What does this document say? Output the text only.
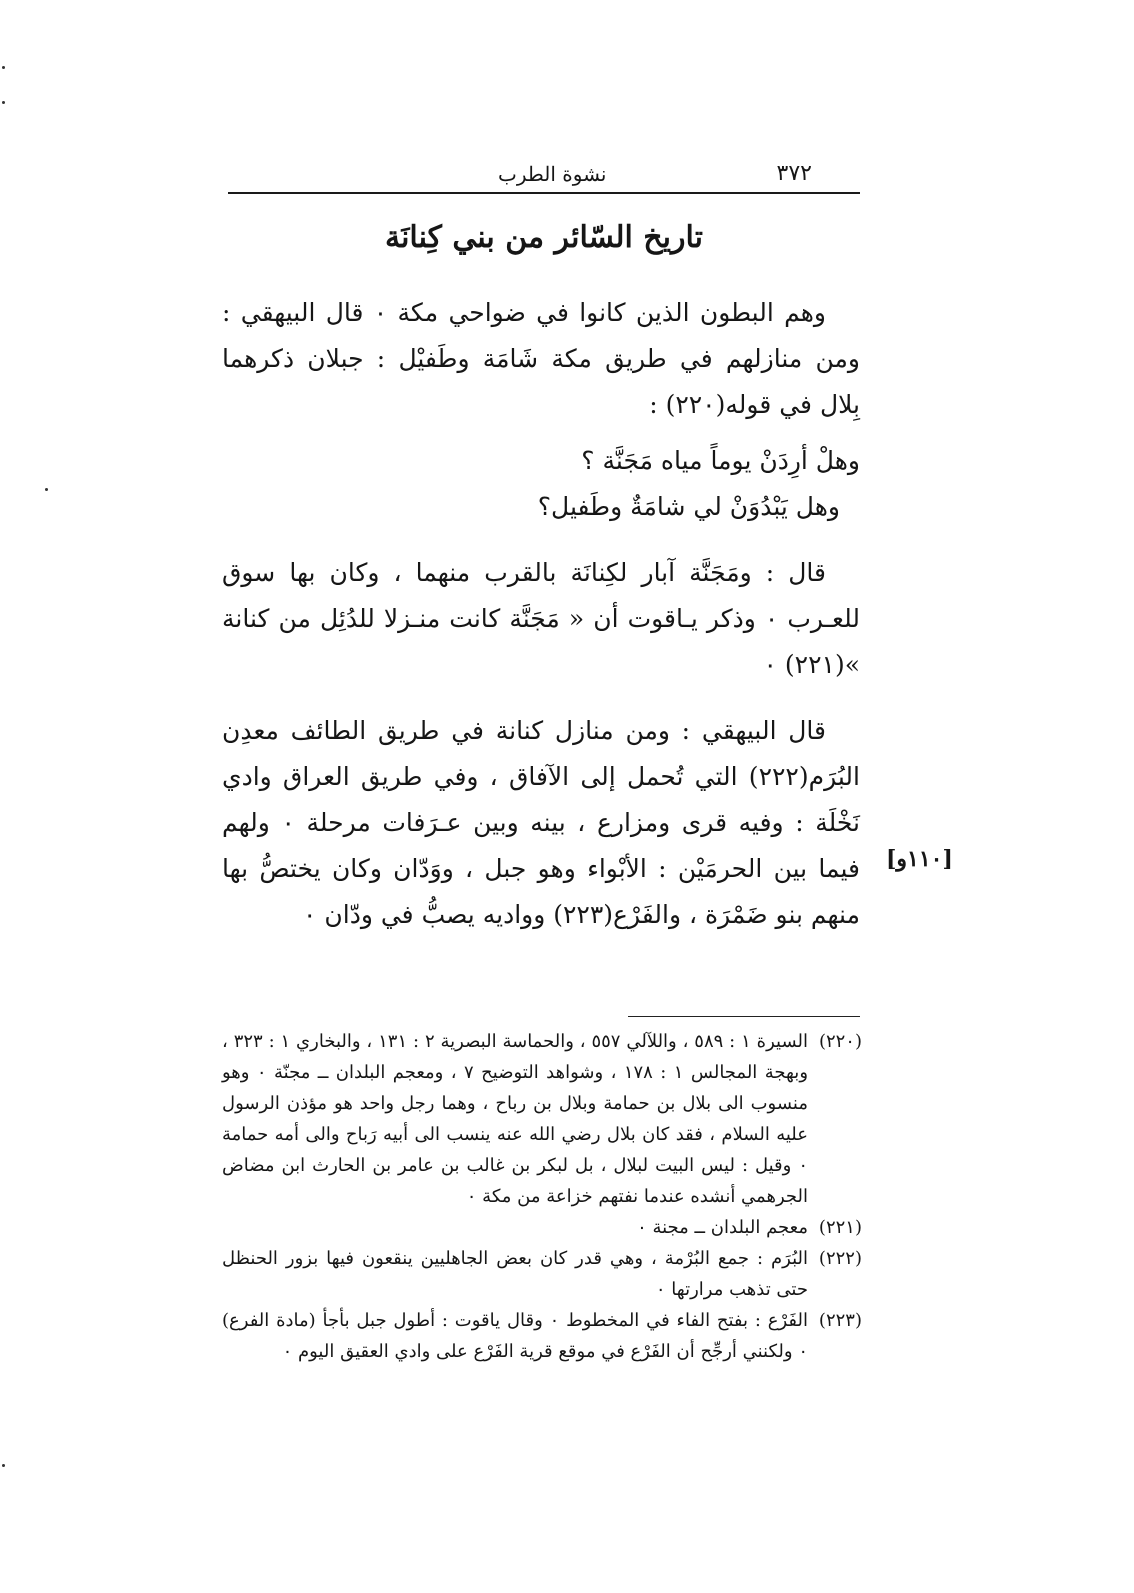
٣٧٢
نشوة الطرب
تاريخ السّائر من بني كِنانَة

وهم البطون الذين كانوا في ضواحي مكة ٠ قال البيهقي : ومن منازلهم في طريق مكة شَامَة وطَفيْل : جبلان ذكرهما بِلال في قوله(٢٢٠) :

وهلْ أرِدَنْ يوماً مياه مَجَنَّة ؟

وهل يَبْدُوَنْ لي شامَةٌ وطَفيل؟

قال : ومَجَنَّة آبار لكِنانَة بالقرب منهما ، وكان بها سوق للعـرب ٠ وذكر يـاقوت أن « مَجَنَّة كانت منـزلا للدُئِل من كنانة »(٢٢١) ٠

قال البيهقي : ومن منازل كنانة في طريق الطائف معدِن البُرَم(٢٢٢) التي تُحمل إلى الآفاق ، وفي طريق العراق وادي نَخْلَة : وفيه قرى ومزارع ، بينه وبين عـرَفات مرحلة ٠ ولهم فيما بين الحرمَيْن : الأبْواء وهو جبل ، ووَدّان وكان يختصُّ بها منهم بنو ضَمْرَة ، والفَرْع(٢٢٣) وواديه يصبُّ في ودّان ٠

[١١٠و]

(٢٢٠)السيرة ١ : ٥٨٩ ، واللآلي ٥٥٧ ، والحماسة البصرية ٢ : ١٣١ ، والبخاري ١ : ٣٢٣ ، وبهجة المجالس ١ : ١٧٨ ، وشواهد التوضيح ٧ ، ومعجم البلدان ــ مجنّة ٠ وهو منسوب الى بلال بن حمامة وبلال بن رباح ، وهما رجل واحد هو مؤذن الرسول عليه السلام ، فقد كان بلال رضي الله عنه ينسب الى أبيه رَباح والى أمه حمامة ٠ وقيل : ليس البيت لبلال ، بل لبكر بن غالب بن عامر بن الحارث ابن مضاض الجرهمي أنشده عندما نفتهم خزاعة من مكة ٠

(٢٢١)معجم البلدان ــ مجنة ٠

(٢٢٢)البُرَم : جمع البُرْمة ، وهي قدر كان بعض الجاهليين ينقعون فيها بزور الحنظل حتى تذهب مرارتها ٠

(٢٢٣)الفَرْع : بفتح الفاء في المخطوط ٠ وقال ياقوت : أطول جبل بأجأ (مادة الفرع) ٠ ولكنني أرجِّح أن الفَرْع في موقع قرية الفَرْع على وادي العقيق اليوم ٠
